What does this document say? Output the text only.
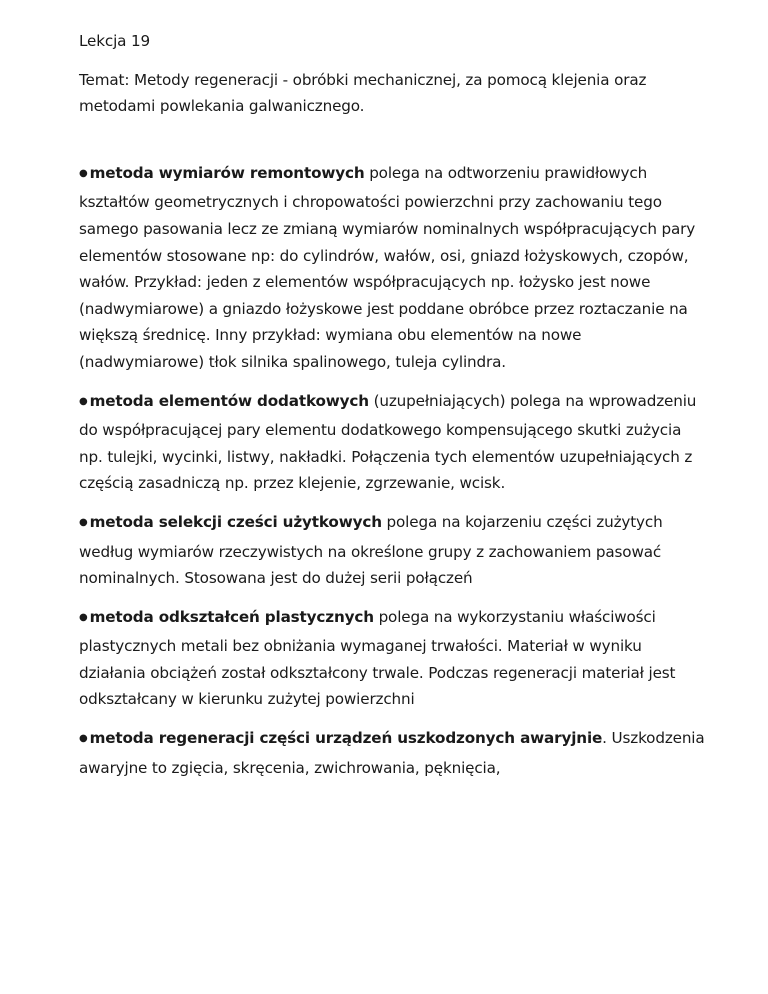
Lekcja 19

Temat: Metody regeneracji - obróbki mechanicznej, za pomocą klejenia oraz metodami powlekania galwanicznego.

● metoda wymiarów remontowych polega na odtworzeniu prawidłowych kształtów geometrycznych i chropowatości powierzchni przy zachowaniu tego samego pasowania lecz ze zmianą wymiarów nominalnych współpracujących pary elementów stosowane np: do cylindrów, wałów, osi, gniazd łożyskowych, czopów, wałów. Przykład: jeden z elementów współpracujących np. łożysko jest nowe (nadwymiarowe) a gniazdo łożyskowe jest poddane obróbce przez roztaczanie na większą średnicę. Inny przykład: wymiana obu elementów na nowe (nadwymiarowe) tłok silnika spalinowego, tuleja cylindra.

● metoda elementów dodatkowych (uzupełniających) polega na wprowadzeniu do współpracującej pary elementu dodatkowego kompensującego skutki zużycia np. tulejki, wycinki, listwy, nakładki. Połączenia tych elementów uzupełniających z częścią zasadniczą np. przez klejenie, zgrzewanie, wcisk.

● metoda selekcji cześci użytkowych polega na kojarzeniu części zużytych według wymiarów rzeczywistych na określone grupy z zachowaniem pasować nominalnych. Stosowana jest do dużej serii połączeń

● metoda odkształceń plastycznych polega na wykorzystaniu właściwości plastycznych metali bez obniżania wymaganej trwałości. Materiał w wyniku działania obciążeń został odkształcony trwale. Podczas regeneracji materiał jest odkształcany w kierunku zużytej powierzchni

● metoda regeneracji części urządzeń uszkodzonych awaryjnie. Uszkodzenia awaryjne to zgięcia, skręcenia, zwichrowania, pęknięcia,
